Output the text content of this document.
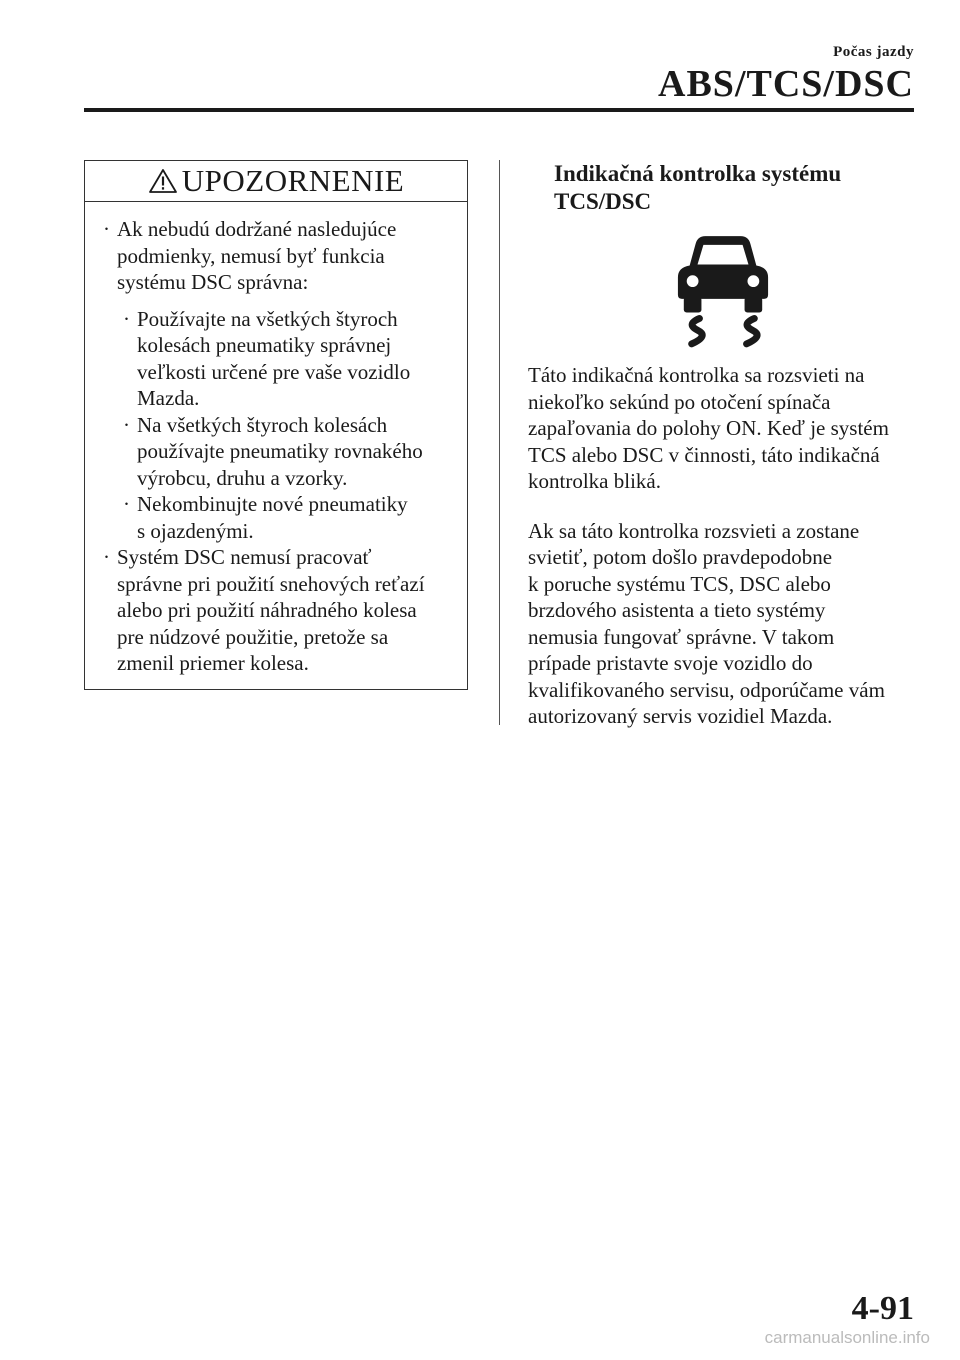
Počas jazdy
ABS/TCS/DSC
UPOZORNENIE
· Ak nebudú dodržané nasledujúce
podmienky, nemusí byť funkcia
systému DSC správna:
· Používajte na všetkých štyroch
kolesách pneumatiky správnej
veľkosti určené pre vaše vozidlo
Mazda.
· Na všetkých štyroch kolesách
používajte pneumatiky rovnakého
výrobcu, druhu a vzorky.
· Nekombinujte nové pneumatiky
s ojazdenými.
· Systém DSC nemusí pracovať
správne pri použití snehových reťazí
alebo pri použití náhradného kolesa
pre núdzové použitie, pretože sa
zmenil priemer kolesa.
Indikačná kontrolka systému
TCS/DSC
Táto indikačná kontrolka sa rozsvieti na
niekoľko sekúnd po otočení spínača
zapaľovania do polohy ON. Keď je systém
TCS alebo DSC v činnosti, táto indikačná
kontrolka bliká.
Ak sa táto kontrolka rozsvieti a zostane
svietiť, potom došlo pravdepodobne
k poruche systému TCS, DSC alebo
brzdového asistenta a tieto systémy
nemusia fungovať správne. V takom
prípade pristavte svoje vozidlo do
kvalifikovaného servisu, odporúčame vám
autorizovaný servis vozidiel Mazda.
4-91
carmanualsonline.info
